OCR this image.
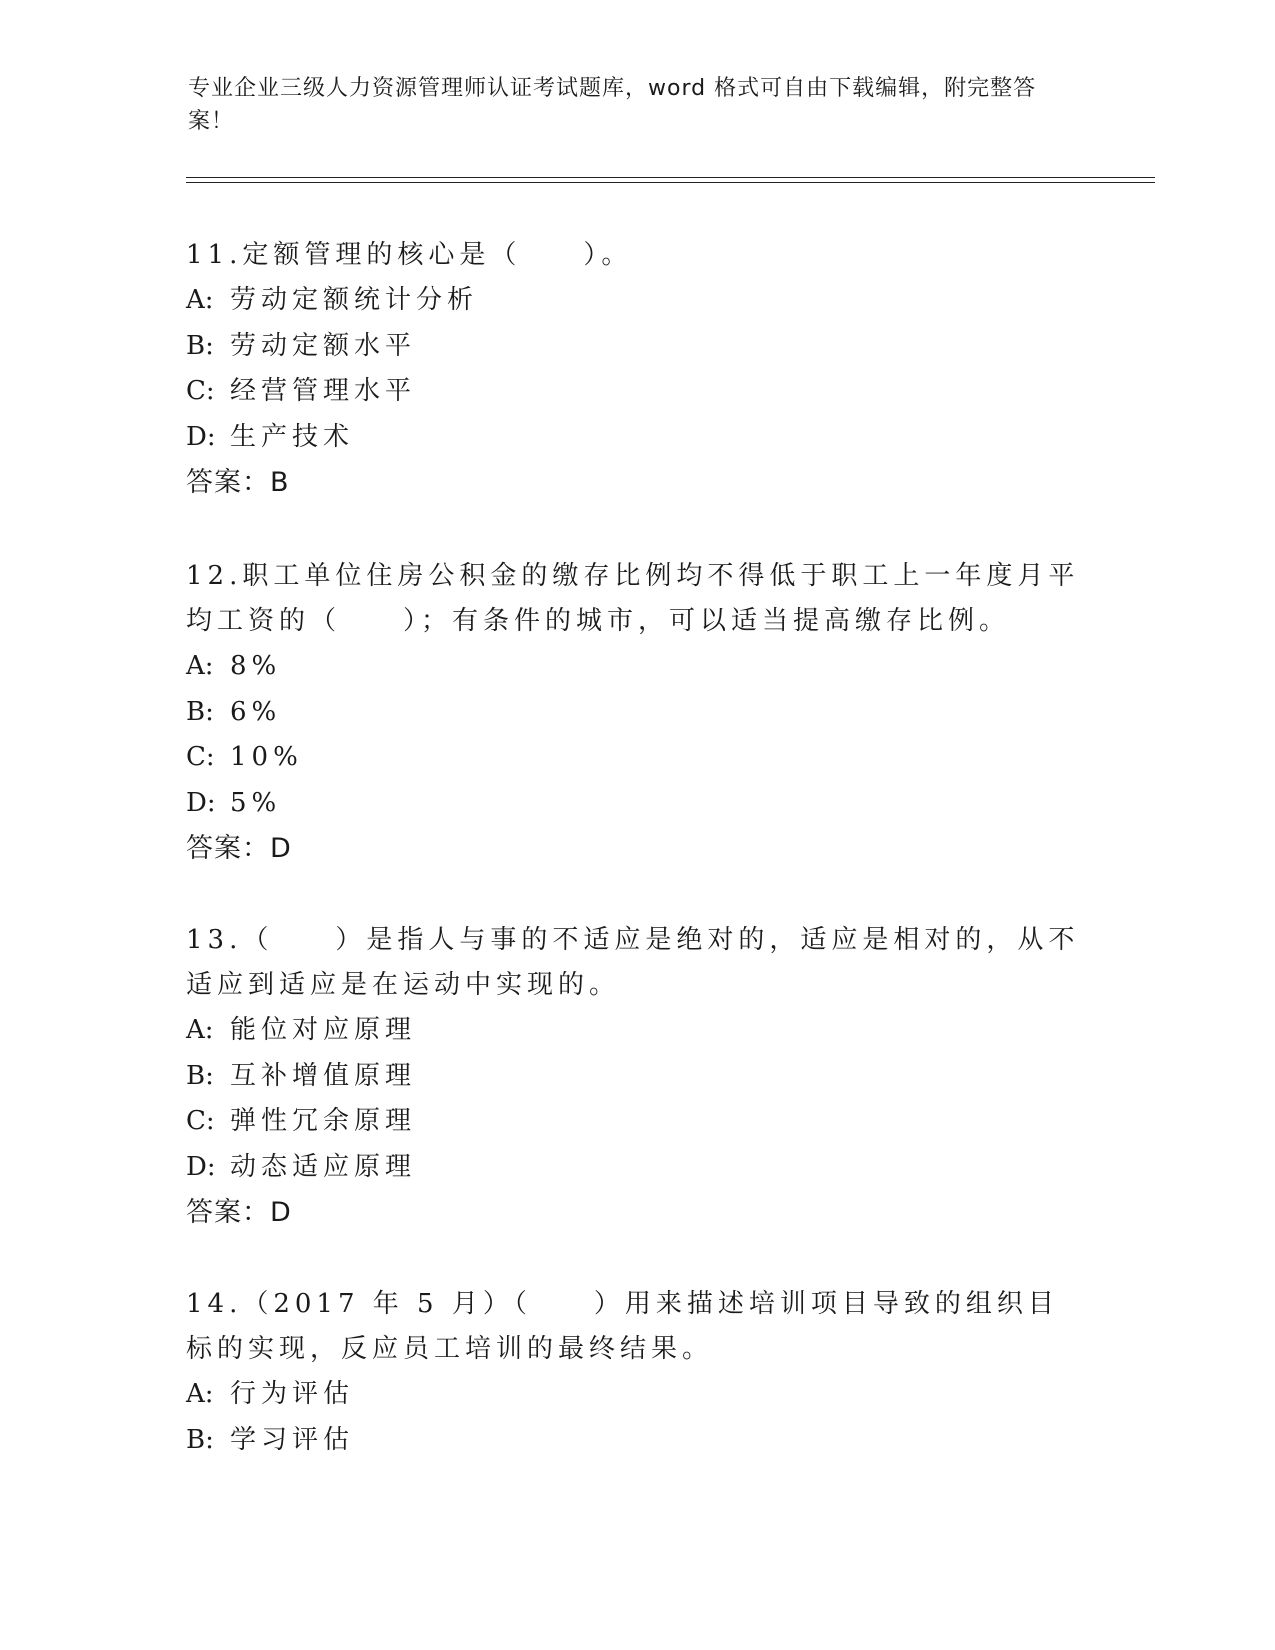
专业企业三级人力资源管理师认证考试题库，word 格式可自由下载编辑，附完整答案！

11.定额管理的核心是（　　）。

A: 劳动定额统计分析

B: 劳动定额水平

C: 经营管理水平

D: 生产技术

答案：B

12.职工单位住房公积金的缴存比例均不得低于职工上一年度月平均工资的（　　）；有条件的城市，可以适当提高缴存比例。

A: 8%

B: 6%

C: 10%

D: 5%

答案：D

13.（　　）是指人与事的不适应是绝对的，适应是相对的，从不适应到适应是在运动中实现的。

A: 能位对应原理

B: 互补增值原理

C: 弹性冗余原理

D: 动态适应原理

答案：D

14.（2017 年 5 月）（　　）用来描述培训项目导致的组织目标的实现，反应员工培训的最终结果。

A: 行为评估

B: 学习评估
